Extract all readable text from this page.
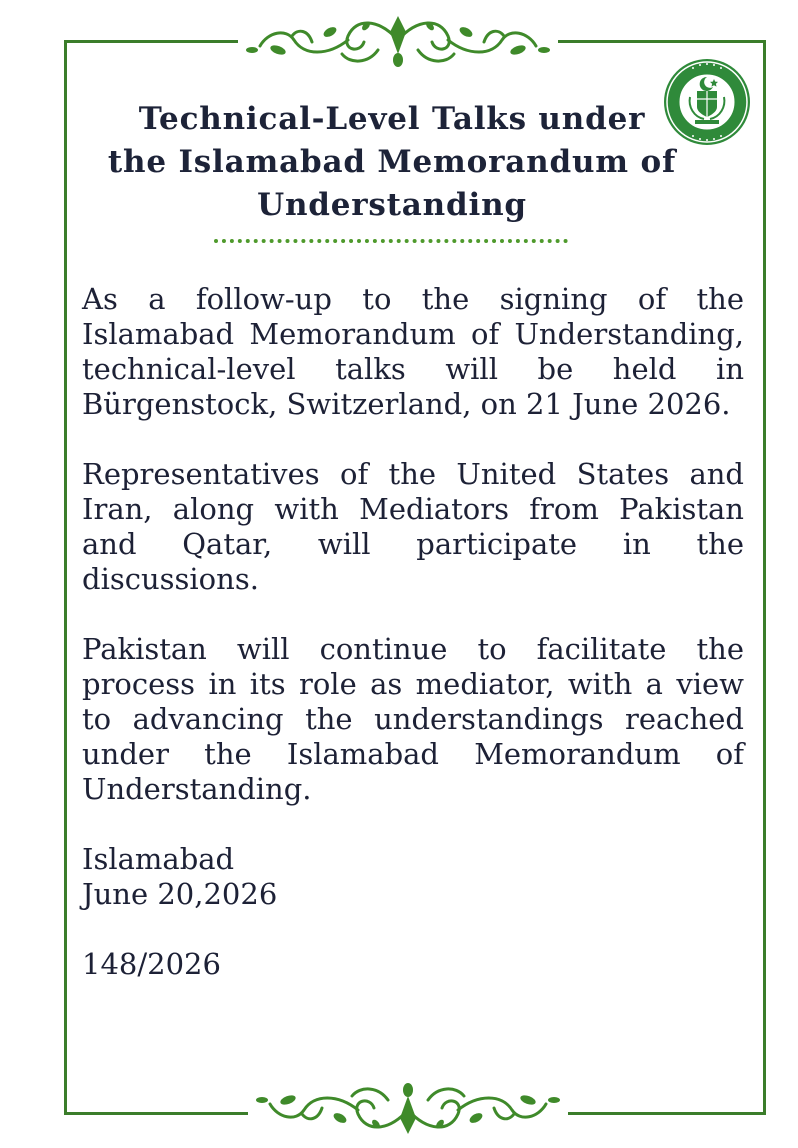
Technical-Level Talks under
the Islamabad Memorandum of
Understanding

As a follow-up to the signing of the Islamabad Memorandum of Understanding, technical-level talks will be held in Bürgenstock, Switzerland, on 21 June 2026.

Representatives of the United States and Iran, along with Mediators from Pakistan and Qatar, will participate in the discussions.

Pakistan will continue to facilitate the process in its role as mediator, with a view to advancing the understandings reached under the Islamabad Memorandum of Understanding.

Islamabad

June 20,2026

148/2026
